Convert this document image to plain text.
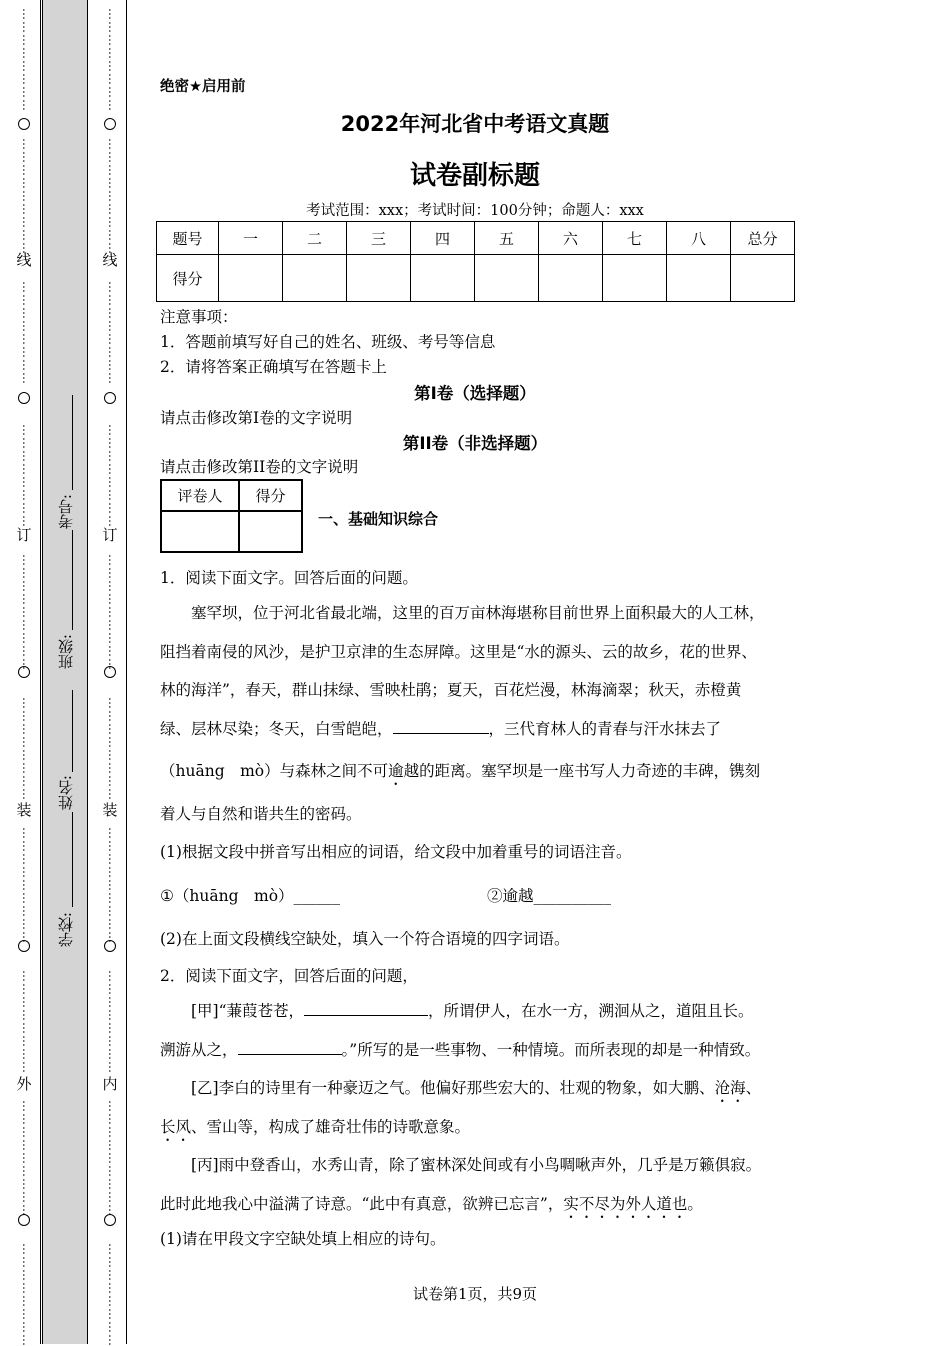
…
…
…
…
…
…
…
…
…
…
…
…
…
…
…
…
…
…
…
…
…
…
…
…
…
…
…
…
…
…
…
…
…
…
…
…
…
…
…
…
…
…
…
…
…
…
…
…
…
…
…
…
…
…
…
…
…
…
…
…
…
…
…
…
…
…
…
…
…
…
…
…
…
…
…
…
…
…
…
…
…
…
…
…
…
…
…
…
…
…
…
…
…
…
…
…
…
…
…
…
…
…
…
…
…
…
…
…
…
…
…
…
…
…
…
…
…
…
…
…
…
…
…
…
…
…
…
…
…
…
…
…
…
…
…
…
…
…
…
…
…
…
…
…
…
…
…
…
…
…
…
…
…
…
…
…
…
…
…
…
…
…
…
…
…
…
…
…
线
订
装
外
线
订
装
内
考号:
班级:
姓名:
学校:
绝密★启用前
2022年河北省中考语文真题
试卷副标题
考试范围：xxx；考试时间：100分钟；命题人：xxx
题号	一	二	三	四	五	六	七	八	总分
得分									
注意事项：
1．答题前填写好自己的姓名、班级、考号等信息
2．请将答案正确填写在答题卡上
第I卷（选择题）
请点击修改第I卷的文字说明
第II卷（非选择题）
请点击修改第II卷的文字说明
评卷人	得分

一、基础知识综合
1．阅读下面文字。回答后面的问题。
塞罕坝，位于河北省最北端，这里的百万亩林海堪称目前世界上面积最大的人工林，
阻挡着南侵的风沙，是护卫京津的生态屏障。这里是“水的源头、云的故乡，花的世界、
林的海洋”，春天，群山抹绿、雪映杜鹃；夏天，百花烂漫，林海滴翠；秋天，赤橙黄
绿、层林尽染；冬天，白雪皑皑，	，三代育林人的青春与汗水抹去了
（huāng　mò）与森林之间不可逾越的距离。塞罕坝是一座书写人力奇迹的丰碑，镌刻
着人与自然和谐共生的密码。
(1)根据文段中拼音写出相应的词语，给文段中加着重号的词语注音。
①（huāng　mò）______	②逾越__________
(2)在上面文段横线空缺处，填入一个符合语境的四字词语。
2．阅读下面文字，回答后面的问题，
[甲]“蒹葭苍苍，	，所谓伊人，在水一方，溯洄从之，道阻且长。
溯游从之，	。”所写的是一些事物、一种情境。而所表现的却是一种情致。
[乙]李白的诗里有一种豪迈之气。他偏好那些宏大的、壮观的物象，如大鹏、沧海、
长风、雪山等，构成了雄奇壮伟的诗歌意象。
[丙]雨中登香山，水秀山青，除了蜜林深处间或有小鸟啁啾声外，几乎是万籁俱寂。
此时此地我心中溢满了诗意。“此中有真意，欲辨已忘言”，实不尽为外人道也。
(1)请在甲段文字空缺处填上相应的诗句。
试卷第1页，共9页
